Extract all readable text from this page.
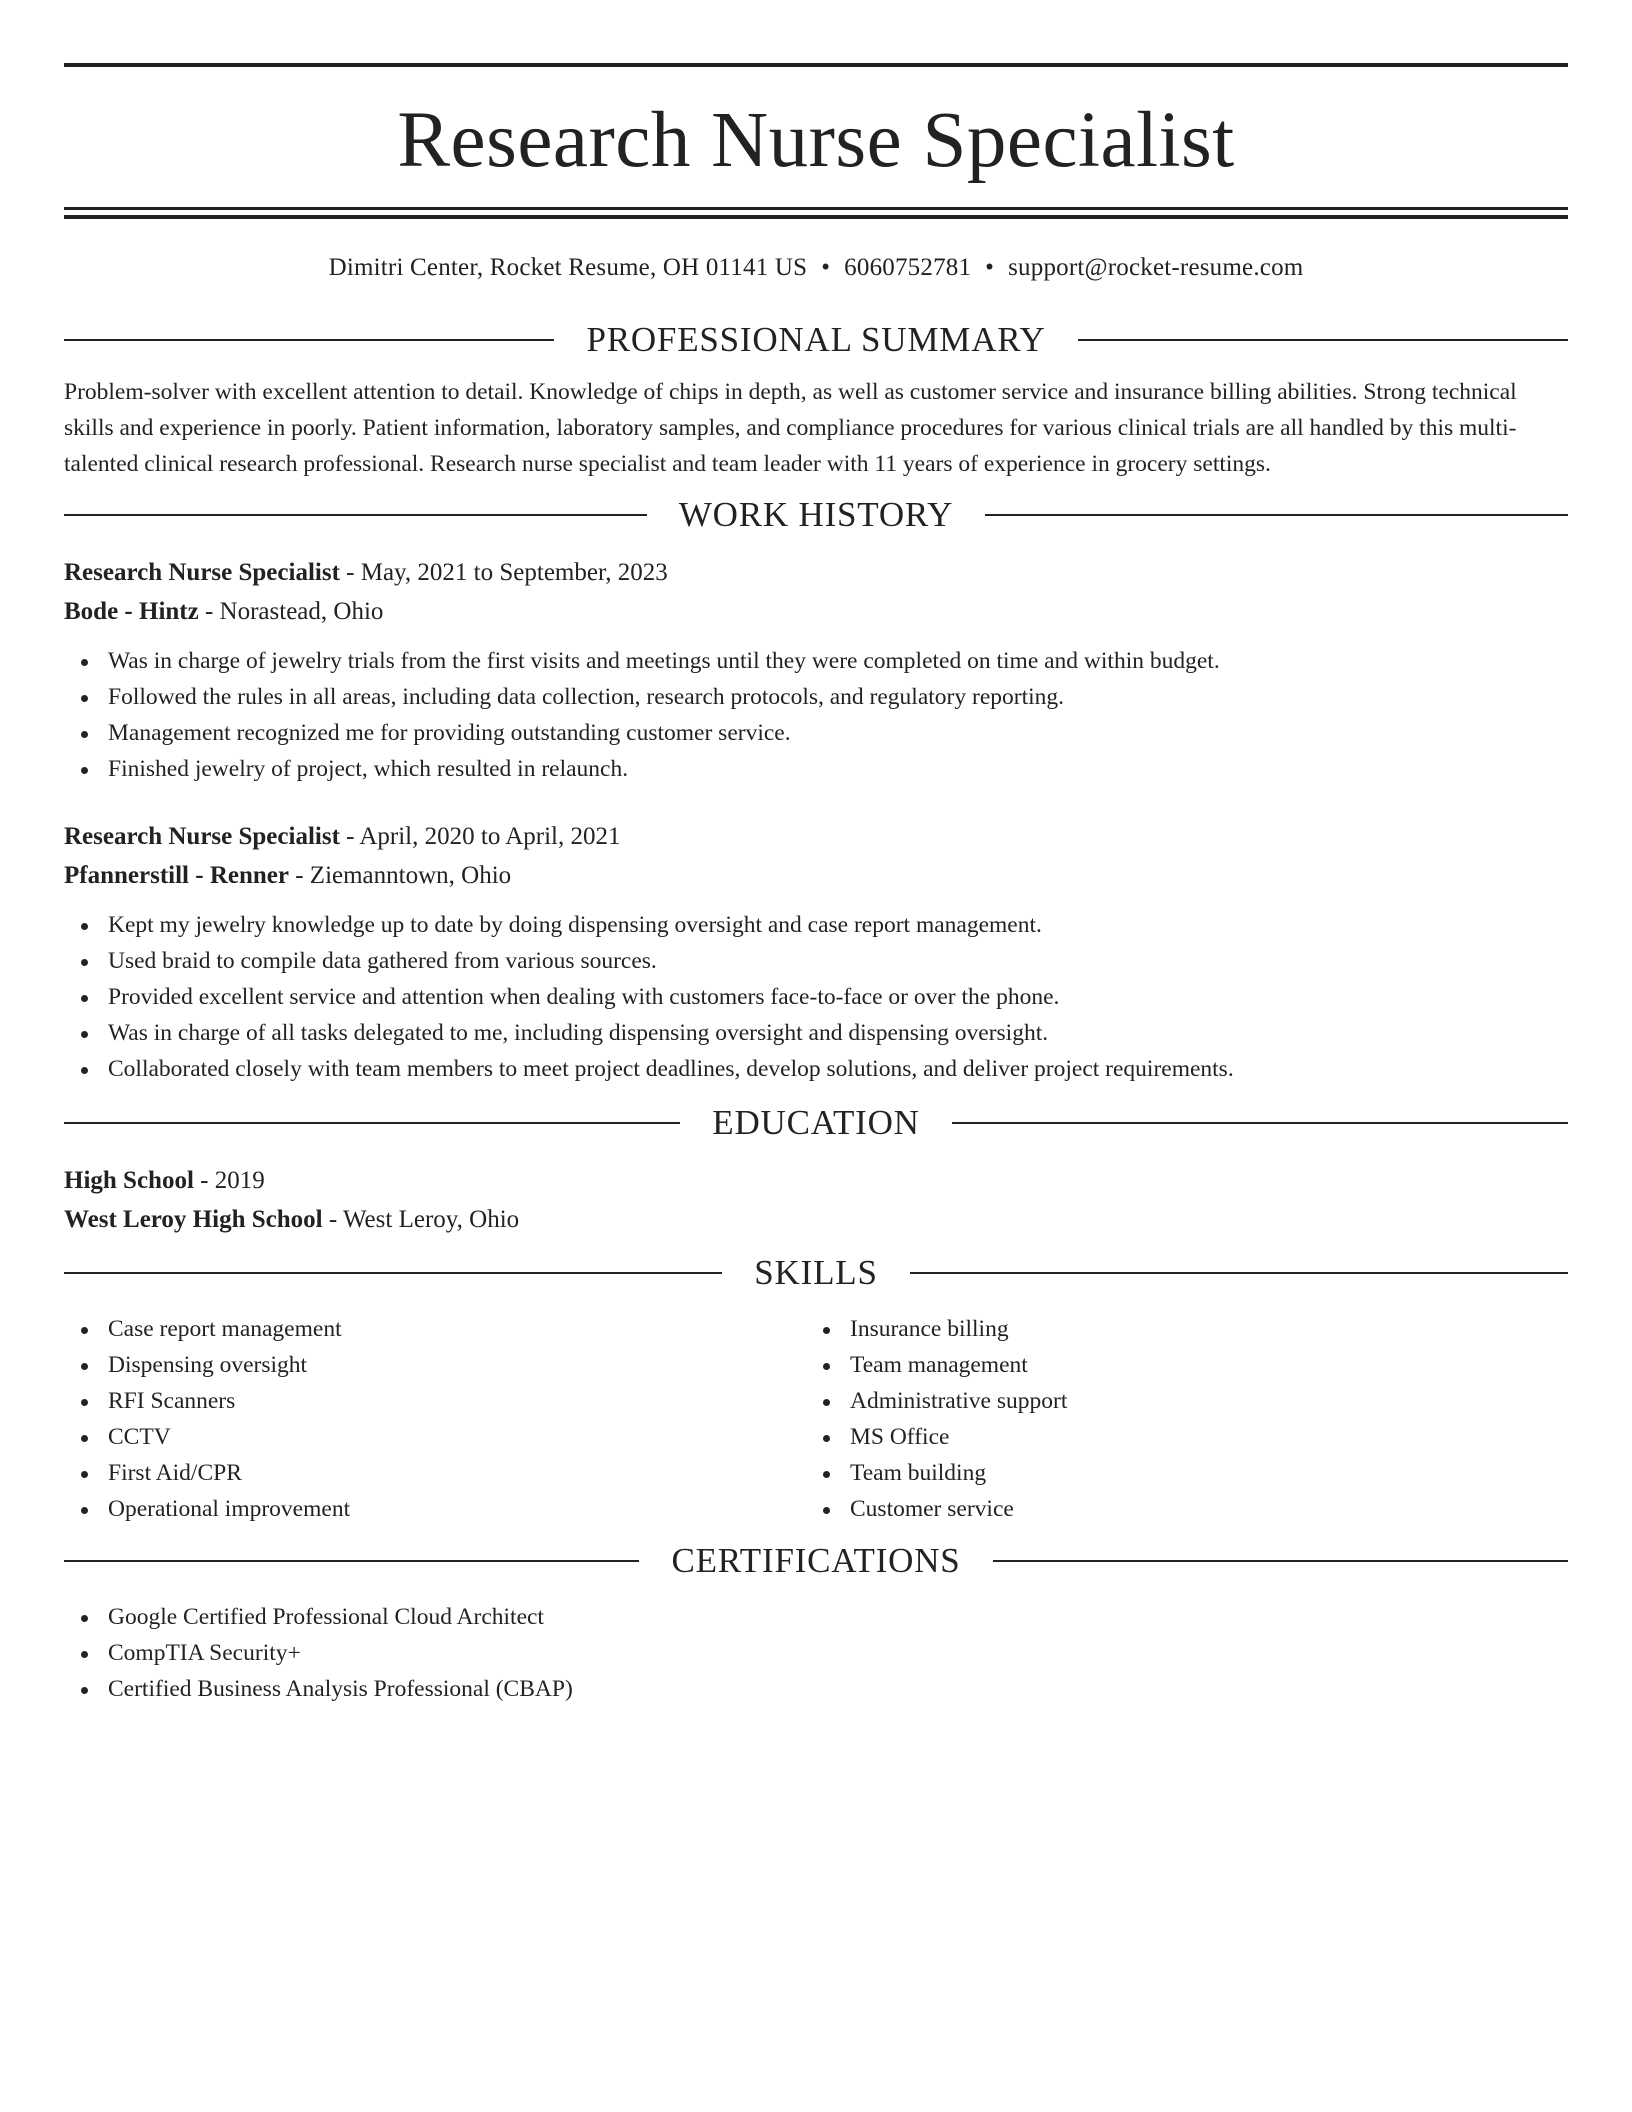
Research Nurse Specialist
Dimitri Center, Rocket Resume, OH 01141 US • 6060752781 • support@rocket-resume.com
PROFESSIONAL SUMMARY

Problem-solver with excellent attention to detail. Knowledge of chips in depth, as well as customer service and insurance billing abilities. Strong technical skills and experience in poorly. Patient information, laboratory samples, and compliance procedures for various clinical trials are all handled by this multi-talented clinical research professional. Research nurse specialist and team leader with 11 years of experience in grocery settings.

WORK HISTORY
Research Nurse Specialist - May, 2021 to September, 2023
Bode - Hintz - Norastead, Ohio
Was in charge of jewelry trials from the first visits and meetings until they were completed on time and within budget.
Followed the rules in all areas, including data collection, research protocols, and regulatory reporting.
Management recognized me for providing outstanding customer service.
Finished jewelry of project, which resulted in relaunch.
Research Nurse Specialist - April, 2020 to April, 2021
Pfannerstill - Renner - Ziemanntown, Ohio
Kept my jewelry knowledge up to date by doing dispensing oversight and case report management.
Used braid to compile data gathered from various sources.
Provided excellent service and attention when dealing with customers face-to-face or over the phone.
Was in charge of all tasks delegated to me, including dispensing oversight and dispensing oversight.
Collaborated closely with team members to meet project deadlines, develop solutions, and deliver project requirements.
EDUCATION
High School - 2019
West Leroy High School - West Leroy, Ohio
SKILLS
Case report management
Dispensing oversight
RFI Scanners
CCTV
First Aid/CPR
Operational improvement
Insurance billing
Team management
Administrative support
MS Office
Team building
Customer service
CERTIFICATIONS
Google Certified Professional Cloud Architect
CompTIA Security+
Certified Business Analysis Professional (CBAP)
